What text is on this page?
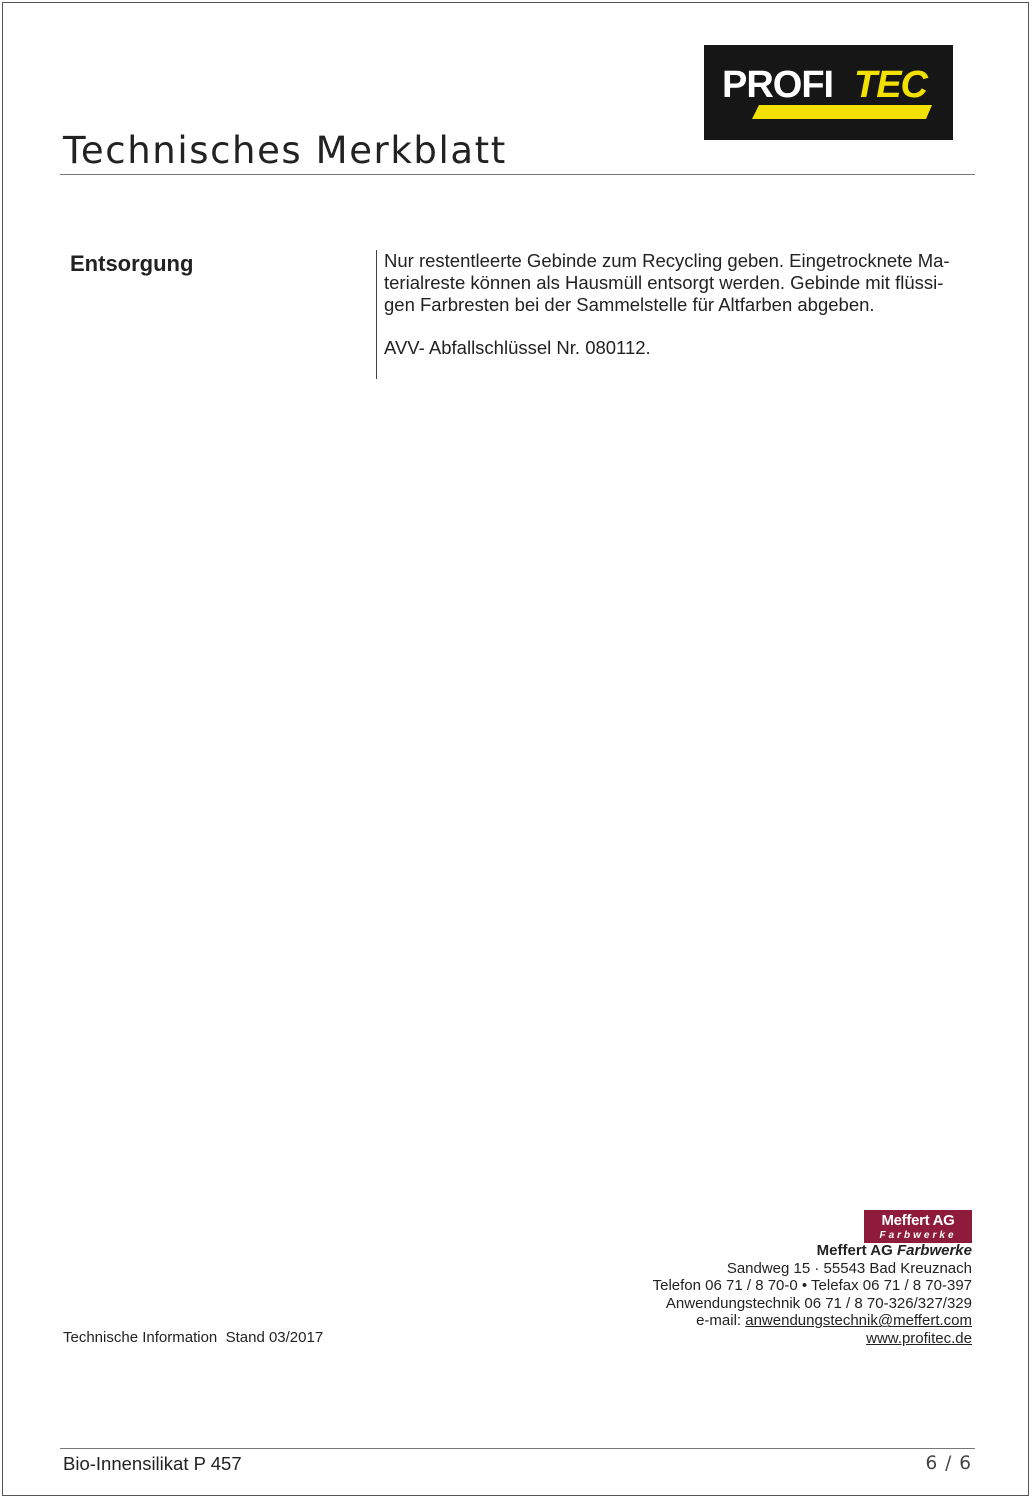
Technisches Merkblatt
PROFI TEC
Entsorgung	Nur restentleerte Gebinde zum Recycling geben. Eingetrocknete Ma-

terialreste können als Hausmüll entsorgt werden. Gebinde mit flüssi-

gen Farbresten bei der Sammelstelle für Altfarben abgeben.

AVV- Abfallschlüssel Nr. 080112.

Meffert AG
Farbwerke
Meffert AG Farbwerke
Sandweg 15 · 55543 Bad Kreuznach
Telefon 06 71 / 8 70-0 • Telefax 06 71 / 8 70-397
Anwendungstechnik 06 71 / 8 70-326/327/329
e-mail: anwendungstechnik@meffert.com
www.profitec.de
Technische Information  Stand 03/2017
Bio-Innensilikat P 457	6 / 6
